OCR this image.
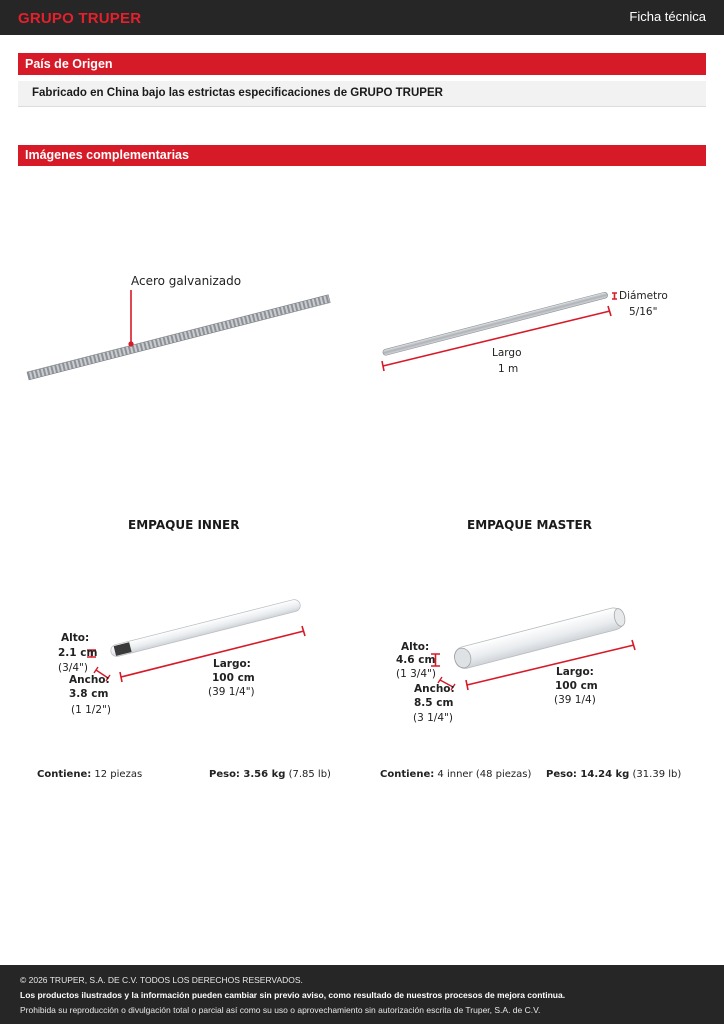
GRUPO TRUPER	Ficha técnica
País de Origen
Fabricado en China bajo las estrictas especificaciones de GRUPO TRUPER
Imágenes complementarias
Acero galvanizado
Diámetro
5/16"
Largo
1 m
EMPAQUE INNER
Alto:
2.1 cm
(3/4")
Ancho:
3.8 cm
(1 1/2")
Largo:
100 cm
(39 1/4")
EMPAQUE MASTER
Alto:
4.6 cm
(1 3/4")
Ancho:
8.5 cm
(3 1/4")
Largo:
100 cm
(39 1/4)
Contiene: 12 piezas	Peso: 3.56 kg (7.85 lb)	Contiene: 4 inner (48 piezas) Peso: 14.24 kg (31.39 lb)
© 2026 TRUPER, S.A. DE C.V. TODOS LOS DERECHOS RESERVADOS.
Los productos ilustrados y la información pueden cambiar sin previo aviso, como resultado de nuestros procesos de mejora continua.
Prohibida su reproducción o divulgación total o parcial así como su uso o aprovechamiento sin autorización escrita de Truper, S.A. de C.V.
